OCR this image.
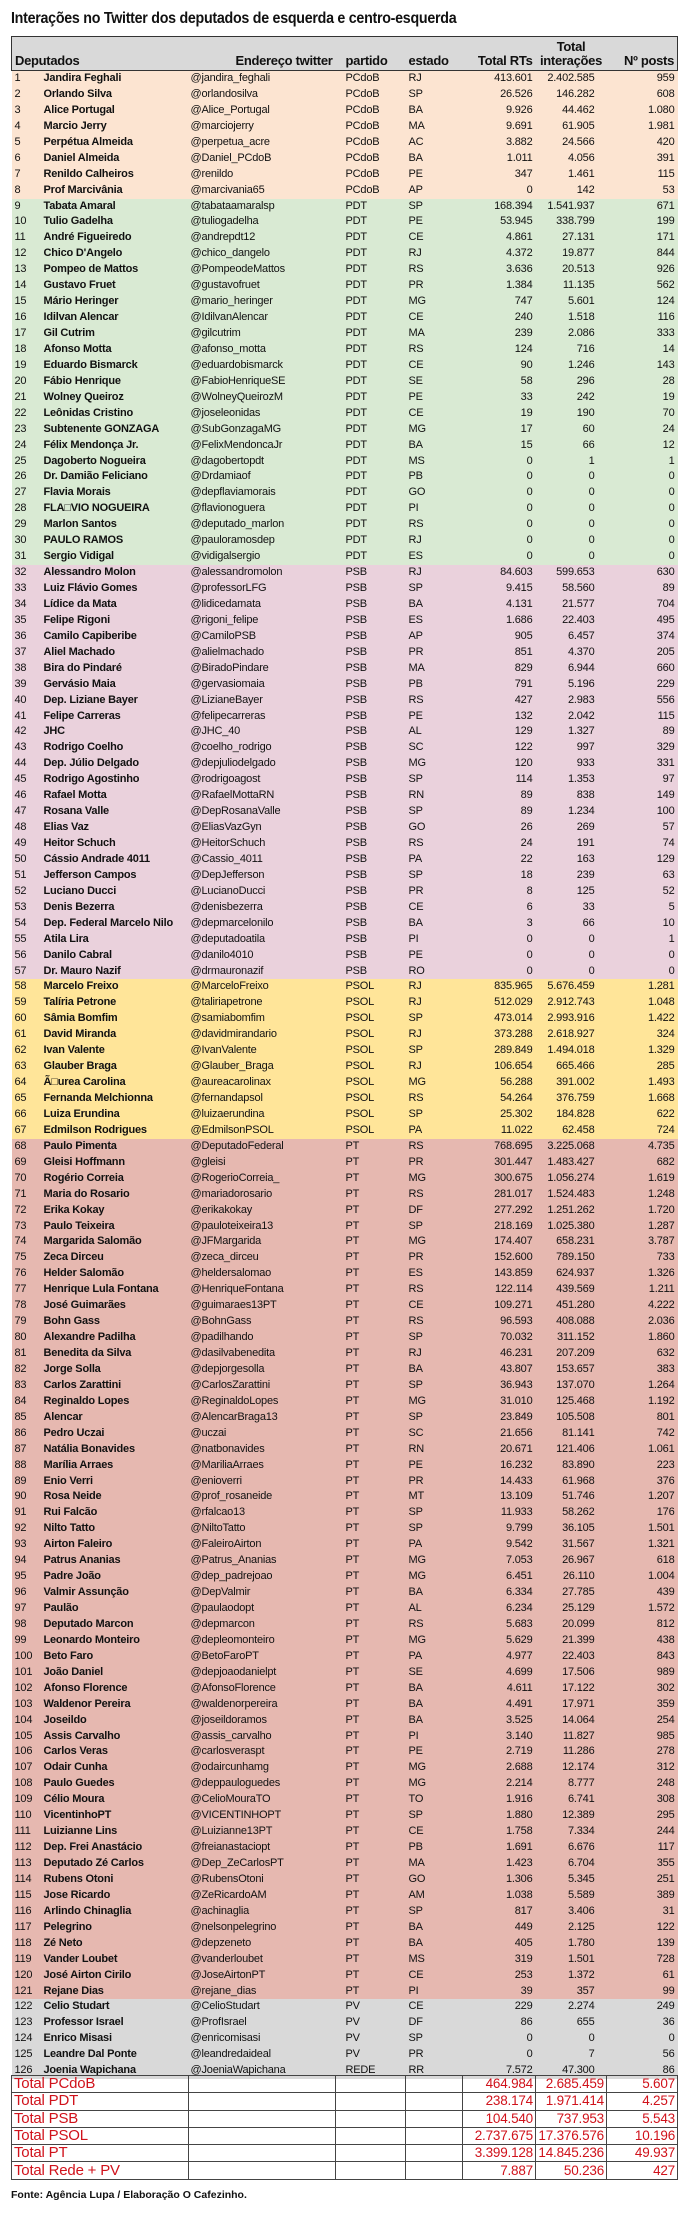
Interações no Twitter dos deputados de esquerda e centro-esquerda
Deputados		Endereço twitter	partido	estado	Total RTs	Total
interações	Nº posts
1	Jandira Feghali	@jandira_feghali	PCdoB	RJ	413.601	2.402.585	959
2	Orlando Silva	@orlandosilva	PCdoB	SP	26.526	146.282	608
3	Alice Portugal	@Alice_Portugal	PCdoB	BA	9.926	44.462	1.080
4	Marcio Jerry	@marciojerry	PCdoB	MA	9.691	61.905	1.981
5	Perpétua Almeida	@perpetua_acre	PCdoB	AC	3.882	24.566	420
6	Daniel Almeida	@Daniel_PCdoB	PCdoB	BA	1.011	4.056	391
7	Renildo Calheiros	@renildo	PCdoB	PE	347	1.461	115
8	Prof Marcivânia	@marcivania65	PCdoB	AP	0	142	53
9	Tabata Amaral	@tabataamaralsp	PDT	SP	168.394	1.541.937	671
10	Tulio Gadelha	@tuliogadelha	PDT	PE	53.945	338.799	199
11	André Figueiredo	@andrepdt12	PDT	CE	4.861	27.131	171
12	Chico D'Angelo	@chico_dangelo	PDT	RJ	4.372	19.877	844
13	Pompeo de Mattos	@PompeodeMattos	PDT	RS	3.636	20.513	926
14	Gustavo Fruet	@gustavofruet	PDT	PR	1.384	11.135	562
15	Mário Heringer	@mario_heringer	PDT	MG	747	5.601	124
16	Idilvan Alencar	@IdilvanAlencar	PDT	CE	240	1.518	116
17	Gil Cutrim	@gilcutrim	PDT	MA	239	2.086	333
18	Afonso Motta	@afonso_motta	PDT	RS	124	716	14
19	Eduardo Bismarck	@eduardobismarck	PDT	CE	90	1.246	143
20	Fábio Henrique	@FabioHenriqueSE	PDT	SE	58	296	28
21	Wolney Queiroz	@WolneyQueirozM	PDT	PE	33	242	19
22	Leônidas Cristino	@joseleonidas	PDT	CE	19	190	70
23	Subtenente GONZAGA	@SubGonzagaMG	PDT	MG	17	60	24
24	Félix Mendonça Jr.	@FelixMendoncaJr	PDT	BA	15	66	12
25	Dagoberto Nogueira	@dagobertopdt	PDT	MS	0	1	1
26	Dr. Damião Feliciano	@Drdamiaof	PDT	PB	0	0	0
27	Flavia Morais	@depflaviamorais	PDT	GO	0	0	0
28	FLA□VIO NOGUEIRA	@flavionoguera	PDT	PI	0	0	0
29	Marlon Santos	@deputado_marlon	PDT	RS	0	0	0
30	PAULO RAMOS	@pauloramosdep	PDT	RJ	0	0	0
31	Sergio Vidigal	@vidigalsergio	PDT	ES	0	0	0
32	Alessandro Molon	@alessandromolon	PSB	RJ	84.603	599.653	630
33	Luiz Flávio Gomes	@professorLFG	PSB	SP	9.415	58.560	89
34	Lídice da Mata	@lidicedamata	PSB	BA	4.131	21.577	704
35	Felipe Rigoni	@rigoni_felipe	PSB	ES	1.686	22.403	495
36	Camilo Capiberibe	@CamiloPSB	PSB	AP	905	6.457	374
37	Aliel Machado	@alielmachado	PSB	PR	851	4.370	205
38	Bira do Pindaré	@BiradoPindare	PSB	MA	829	6.944	660
39	Gervásio Maia	@gervasiomaia	PSB	PB	791	5.196	229
40	Dep. Liziane Bayer	@LizianeBayer	PSB	RS	427	2.983	556
41	Felipe Carreras	@felipecarreras	PSB	PE	132	2.042	115
42	JHC	@JHC_40	PSB	AL	129	1.327	89
43	Rodrigo Coelho	@coelho_rodrigo	PSB	SC	122	997	329
44	Dep. Júlio Delgado	@depjuliodelgado	PSB	MG	120	933	331
45	Rodrigo Agostinho	@rodrigoagost	PSB	SP	114	1.353	97
46	Rafael Motta	@RafaelMottaRN	PSB	RN	89	838	149
47	Rosana Valle	@DepRosanaValle	PSB	SP	89	1.234	100
48	Elias Vaz	@EliasVazGyn	PSB	GO	26	269	57
49	Heitor Schuch	@HeitorSchuch	PSB	RS	24	191	74
50	Cássio Andrade 4011	@Cassio_4011	PSB	PA	22	163	129
51	Jefferson Campos	@DepJefferson	PSB	SP	18	239	63
52	Luciano Ducci	@LucianoDucci	PSB	PR	8	125	52
53	Denis Bezerra	@denisbezerra	PSB	CE	6	33	5
54	Dep. Federal Marcelo Nilo	@depmarcelonilo	PSB	BA	3	66	10
55	Atila Lira	@deputadoatila	PSB	PI	0	0	1
56	Danilo Cabral	@danilo4010	PSB	PE	0	0	0
57	Dr. Mauro Nazif	@drmauronazif	PSB	RO	0	0	0
58	Marcelo Freixo	@MarceloFreixo	PSOL	RJ	835.965	5.676.459	1.281
59	Talíria Petrone	@taliriapetrone	PSOL	RJ	512.029	2.912.743	1.048
60	Sâmia Bomfim	@samiabomfim	PSOL	SP	473.014	2.993.916	1.422
61	David Miranda	@davidmirandario	PSOL	RJ	373.288	2.618.927	324
62	Ivan Valente	@IvanValente	PSOL	SP	289.849	1.494.018	1.329
63	Glauber Braga	@Glauber_Braga	PSOL	RJ	106.654	665.466	285
64	Ã□urea Carolina	@aureacarolinax	PSOL	MG	56.288	391.002	1.493
65	Fernanda Melchionna	@fernandapsol	PSOL	RS	54.264	376.759	1.668
66	Luiza Erundina	@luizaerundina	PSOL	SP	25.302	184.828	622
67	Edmilson Rodrigues	@EdmilsonPSOL	PSOL	PA	11.022	62.458	724
68	Paulo Pimenta	@DeputadoFederal	PT	RS	768.695	3.225.068	4.735
69	Gleisi Hoffmann	@gleisi	PT	PR	301.447	1.483.427	682
70	Rogério Correia	@RogerioCorreia_	PT	MG	300.675	1.056.274	1.619
71	Maria do Rosario	@mariadorosario	PT	RS	281.017	1.524.483	1.248
72	Erika Kokay	@erikakokay	PT	DF	277.292	1.251.262	1.720
73	Paulo Teixeira	@pauloteixeira13	PT	SP	218.169	1.025.380	1.287
74	Margarida Salomão	@JFMargarida	PT	MG	174.407	658.231	3.787
75	Zeca Dirceu	@zeca_dirceu	PT	PR	152.600	789.150	733
76	Helder Salomão	@heldersalomao	PT	ES	143.859	624.937	1.326
77	Henrique Lula Fontana	@HenriqueFontana	PT	RS	122.114	439.569	1.211
78	José Guimarães	@guimaraes13PT	PT	CE	109.271	451.280	4.222
79	Bohn Gass	@BohnGass	PT	RS	96.593	408.088	2.036
80	Alexandre Padilha	@padilhando	PT	SP	70.032	311.152	1.860
81	Benedita da Silva	@dasilvabenedita	PT	RJ	46.231	207.209	632
82	Jorge Solla	@depjorgesolla	PT	BA	43.807	153.657	383
83	Carlos Zarattini	@CarlosZarattini	PT	SP	36.943	137.070	1.264
84	Reginaldo Lopes	@ReginaldoLopes	PT	MG	31.010	125.468	1.192
85	Alencar	@AlencarBraga13	PT	SP	23.849	105.508	801
86	Pedro Uczai	@uczai	PT	SC	21.656	81.141	742
87	Natália Bonavides	@natbonavides	PT	RN	20.671	121.406	1.061
88	Marília Arraes	@MariliaArraes	PT	PE	16.232	83.890	223
89	Enio Verri	@enioverri	PT	PR	14.433	61.968	376
90	Rosa Neide	@prof_rosaneide	PT	MT	13.109	51.746	1.207
91	Rui Falcão	@rfalcao13	PT	SP	11.933	58.262	176
92	Nilto Tatto	@NiltoTatto	PT	SP	9.799	36.105	1.501
93	Airton Faleiro	@FaleiroAirton	PT	PA	9.542	31.567	1.321
94	Patrus Ananias	@Patrus_Ananias	PT	MG	7.053	26.967	618
95	Padre João	@dep_padrejoao	PT	MG	6.451	26.110	1.004
96	Valmir Assunção	@DepValmir	PT	BA	6.334	27.785	439
97	Paulão	@paulaodopt	PT	AL	6.234	25.129	1.572
98	Deputado Marcon	@depmarcon	PT	RS	5.683	20.099	812
99	Leonardo Monteiro	@depleomonteiro	PT	MG	5.629	21.399	438
100	Beto Faro	@BetoFaroPT	PT	PA	4.977	22.403	843
101	João Daniel	@depjoaodanielpt	PT	SE	4.699	17.506	989
102	Afonso Florence	@AfonsoFlorence	PT	BA	4.611	17.122	302
103	Waldenor Pereira	@waldenorpereira	PT	BA	4.491	17.971	359
104	Joseildo	@joseildoramos	PT	BA	3.525	14.064	254
105	Assis Carvalho	@assis_carvalho	PT	PI	3.140	11.827	985
106	Carlos Veras	@carlosveraspt	PT	PE	2.719	11.286	278
107	Odair Cunha	@odaircunhamg	PT	MG	2.688	12.174	312
108	Paulo Guedes	@deppauloguedes	PT	MG	2.214	8.777	248
109	Célio Moura	@CelioMouraTO	PT	TO	1.916	6.741	308
110	VicentinhoPT	@VICENTINHOPT	PT	SP	1.880	12.389	295
111	Luizianne Lins	@Luizianne13PT	PT	CE	1.758	7.334	244
112	Dep. Frei Anastácio	@freianastaciopt	PT	PB	1.691	6.676	117
113	Deputado Zé Carlos	@Dep_ZeCarlosPT	PT	MA	1.423	6.704	355
114	Rubens Otoni	@RubensOtoni	PT	GO	1.306	5.345	251
115	Jose Ricardo	@ZeRicardoAM	PT	AM	1.038	5.589	389
116	Arlindo Chinaglia	@achinaglia	PT	SP	817	3.406	31
117	Pelegrino	@nelsonpelegrino	PT	BA	449	2.125	122
118	Zé Neto	@depzeneto	PT	BA	405	1.780	139
119	Vander Loubet	@vanderloubet	PT	MS	319	1.501	728
120	José Airton Cirilo	@JoseAirtonPT	PT	CE	253	1.372	61
121	Rejane Dias	@rejane_dias	PT	PI	39	357	99
122	Celio Studart	@CelioStudart	PV	CE	229	2.274	249
123	Professor Israel	@ProfIsrael	PV	DF	86	655	36
124	Enrico Misasi	@enricomisasi	PV	SP	0	0	0
125	Leandre Dal Ponte	@leandredaideal	PV	PR	0	7	56
126	Joenia Wapichana	@JoeniaWapichana	REDE	RR	7.572	47.300	86
Total PCdoB				464.984	2.685.459	5.607
Total PDT				238.174	1.971.414	4.257
Total PSB				104.540	737.953	5.543
Total PSOL				2.737.675	17.376.576	10.196
Total PT				3.399.128	14.845.236	49.937
Total Rede + PV				7.887	50.236	427
Fonte: Agência Lupa / Elaboração O Cafezinho.
